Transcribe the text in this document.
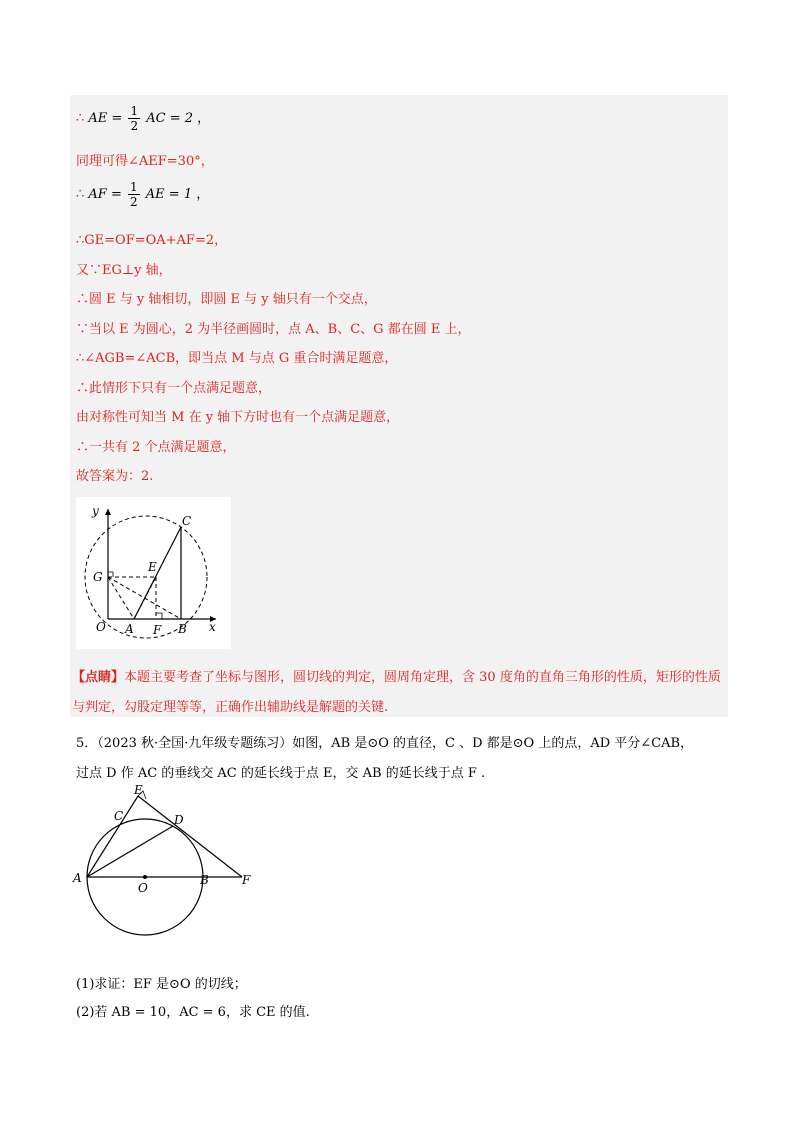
∴ AE = $\frac{1}{2}$ AC = 2 ，
同理可得∠AEF=30°，
∴ AF = $\frac{1}{2}$ AE = 1 ，
∴GE=OF=OA+AF=2，
又∵EG⊥y 轴，
∴圆 E 与 y 轴相切，即圆 E 与 y 轴只有一个交点，
∵当以 E 为圆心，2 为半径画圆时，点 A、B、C、G 都在圆 E 上，
∴∠AGB=∠ACB，即当点 M 与点 G 重合时满足题意，
∴此情形下只有一个点满足题意，
由对称性可知当 M 在 y 轴下方时也有一个点满足题意，
∴一共有 2 个点满足题意，
故答案为：2.
y
C
G
E
O A F B x
【点睛】本题主要考查了坐标与图形，圆切线的判定，圆周角定理，含 30 度角的直角三角形的性质，矩形的性质与判定，勾股定理等等，正确作出辅助线是解题的关键.
5．（2023 秋·全国·九年级专题练习）如图，AB 是⊙O 的直径，C 、D 都是⊙O 上的点，AD 平分∠CAB，
过点 D 作 AC 的垂线交 AC 的延长线于点 E，交 AB 的延长线于点 F .
E
C	D
A
O
B	F
(1)求证：EF 是⊙O 的切线；
(2)若 AB = 10，AC = 6，求 CE 的值.
